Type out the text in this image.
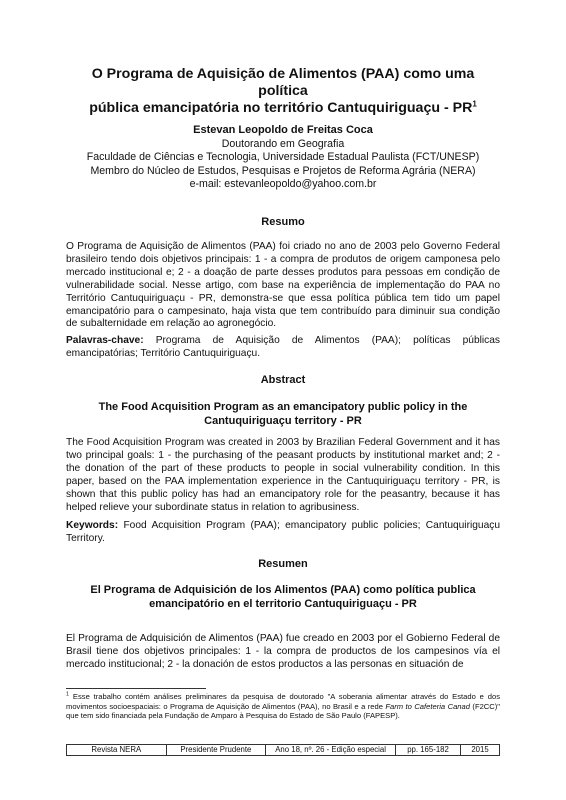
O Programa de Aquisição de Alimentos (PAA) como uma política
pública emancipatória no território Cantuquiriguaçu - $PR^1$
Estevan Leopoldo de Freitas Coca
Doutorando em Geografia
Faculdade de Ciências e Tecnologia, Universidade Estadual Paulista (FCT/UNESP)
Membro do Núcleo de Estudos, Pesquisas e Projetos de Reforma Agrária (NERA)
e-mail: estevanleopoldo@yahoo.com.br
Resumo
O Programa de Aquisição de Alimentos (PAA) foi criado no ano de 2003 pelo Governo Federal brasileiro tendo dois objetivos principais: 1 - a compra de produtos de origem camponesa pelo mercado institucional e; 2 - a doação de parte desses produtos para pessoas em condição de vulnerabilidade social. Nesse artigo, com base na experiência de implementação do PAA no Território Cantuquiriguaçu - PR, demonstra-se que essa política pública tem tido um papel emancipatório para o campesinato, haja vista que tem contribuído para diminuir sua condição de subalternidade em relação ao agronegócio.
Palavras-chave: Programa de Aquisição de Alimentos (PAA); políticas públicas emancipatórias; Território Cantuquiriguaçu.
Abstract
The Food Acquisition Program as an emancipatory public policy in the
Cantuquiriguaçu territory - PR
The Food Acquisition Program was created in 2003 by Brazilian Federal Government and it has two principal goals: 1 - the purchasing of the peasant products by institutional market and; 2 - the donation of the part of these products to people in social vulnerability condition. In this paper, based on the PAA implementation experience in the Cantuquiriguaçu territory - PR, is shown that this public policy has had an emancipatory role for the peasantry, because it has helped relieve your subordinate status in relation to agribusiness.
Keywords: Food Acquisition Program (PAA); emancipatory public policies; Cantuquiriguaçu Territory.
Resumen
El Programa de Adquisición de los Alimentos (PAA) como política publica
emancipatório en el territorio Cantuquiriguaçu - PR
El Programa de Adquisición de Alimentos (PAA) fue creado en 2003 por el Gobierno Federal de Brasil tiene dos objetivos principales: 1 - la compra de productos de los campesinos vía el mercado institucional; 2 - la donación de estos productos a las personas en situación de
$^1$ Esse trabalho contém análises preliminares da pesquisa de doutorado "A soberania alimentar através do Estado e dos movimentos socioespaciais: o Programa de Aquisição de Alimentos (PAA), no Brasil e a rede Farm to Cafeteria Canad (F2CC)" que tem sido financiada pela Fundação de Amparo à Pesquisa do Estado de São Paulo (FAPESP).
Revista NERA	Presidente Prudente	Ano 18, nº. 26 - Edição especial	pp. 165-182	2015
